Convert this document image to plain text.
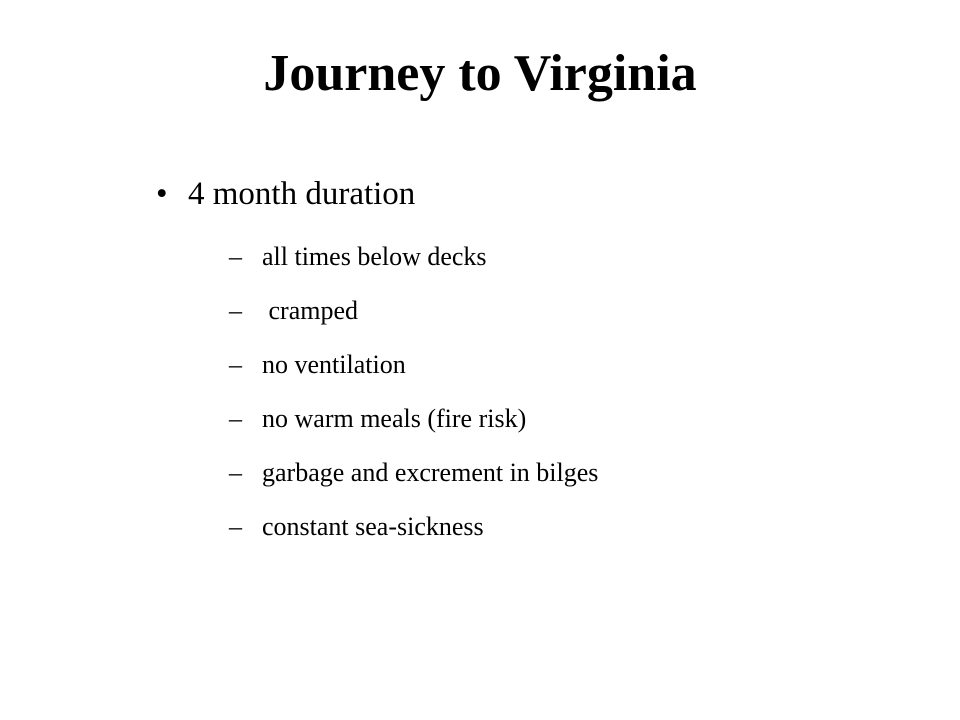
Journey to Virginia
• 4 month duration
– all times below decks
– cramped
– no ventilation
– no warm meals (fire risk)
– garbage and excrement in bilges
– constant sea-sickness
